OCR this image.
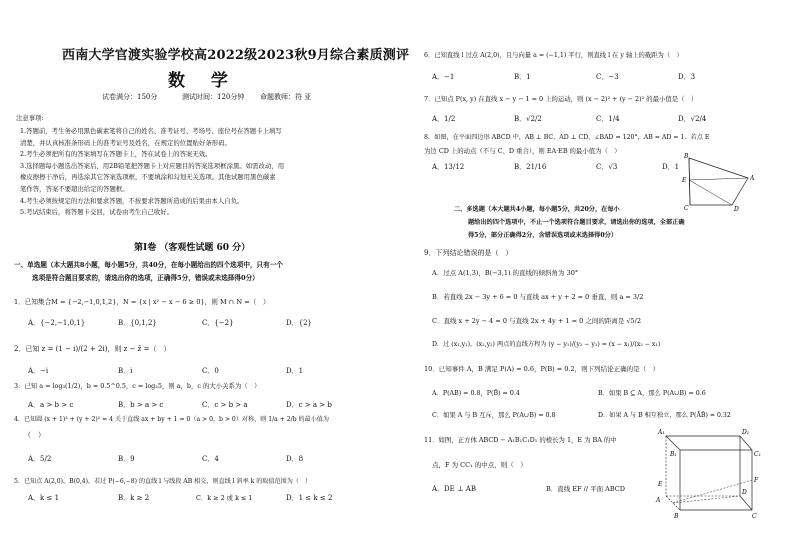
西南大学官渡实验学校高2022级2023秋9月综合素质测评
数 学
试卷满分：150分	测试时间：120分钟 命题教师：符 亚
注意事项:
1.答题前，考生务必用黑色碳素笔将自己的姓名、准考证号、考场号、座位号在答题卡上填写
清楚，并认真核准条形码上的准考证号及姓名，在规定的位置贴好条形码。
2.考生必须把所有的答案填写在答题卡上，答在试卷上的答案无效。
3.选择题每小题选出答案后，用2B铅笔把答题卡上对应题目的答案选项框涂黑。如需改动，用
橡皮擦擦干净后，再选涂其它答案选项框，不要填涂和勾划无关选项。其他试题用黑色碳素
笔作答，答案不要超出给定的答题框。
4.考生必须按规定的方法和要求答题，不按要求答题所造成的后果由本人自负。
5.考试结束后，将答题卡交回，试卷由考生自己收好。
第Ⅰ卷 （客观性试题 60 分）
一、单选题（本大题共8小题，每小题5分，共40分，在每小题给出的四个选项中，只有一个
选项是符合题目要求的，请选出你的选项，正确得5分，错误或未选择得0分）
1．已知集合M = {−2,−1,0,1,2}，N = {x | x² − x − 6 ≥ 0}，则 M ∩ N =（　）
A．{−2,−1,0,1}	B．{0,1,2}	C．{−2}	D．{2}
2．已知 z = (1 − i)/(2 + 2i)，则 z − z̄ =（　）
A．−i	B．i	C．0	D．1
3．已知 a = log₃(1/2)，b = 0.5^0.5，c = log₂5，则 a，b，c 的大小关系为（　）
A．a > b > c	B．b > a > c	C．c > b > a	D．c > a > b
4．已知圆 (x + 1)² + (y + 2)² = 4 关于直线 ax + by + 1 = 0（a > 0，b > 0）对称，则 1/a + 2/b 的最小值为
（　）
A．5/2	B．9	C．4	D．8
5．已知点 A(2,0)，B(0,4)，若过 P(−6,−8) 的直线 l 与线段 AB 相交，则直线 l 斜率 k 的取值范围为（　）
A．k ≤ 1	B．k ≥ 2	C．k ≥ 2 或 k ≤ 1	D．1 ≤ k ≤ 2
6．已知直线 l 过点 A(2,0)，且与向量 a = (−1,1) 平行，则直线 l 在 y 轴上的截距为（　）
A．−1	B．1	C．−3	D．3
7．已知点 P(x, y) 在直线 x − y − 1 = 0 上的运动，则 (x − 2)² + (y − 2)² 的最小值是（　）
A．1/2	B．√2/2	C．1/4	D．√2/4
8．如图，在平面四边形 ABCD 中，AB ⊥ BC，AD ⊥ CD，∠BAD = 120°，AB = AD = 1．若点 E
为边 CD 上的动点（不与 C、D 重合），则 EA·EB 的最小值为（　）
A．13/12	B．21/16	C．√3	D．1
B
C
E	A
D
二、多选题（本大题共4小题，每小题5分，共20分，在每小
题给出的四个选项中，不止一个选项符合题目要求，请选出你的选项，全部正确
得5分，部分正确得2分，含错误选项或未选择得0分）
9．下列结论错误的是（　）
A．过点 A(1,3)，B(−3,1) 的直线的倾斜角为 30°
B．若直线 2x − 3y + 6 = 0 与直线 ax + y + 2 = 0 垂直，则 a = 3/2
C．直线 x + 2y − 4 = 0 与直线 2x + 4y + 1 = 0 之间的距离是 √5/2
D．过 (x₁,y₁)，(x₂,y₂) 两点的直线方程为 (y − y₁)/(y₂ − y₁) = (x − x₁)/(x₂ − x₁)
10．已知事件 A，B 满足 P(A) = 0.6，P(B) = 0.2，则下列结论正确的是（　）
A．P(AB) = 0.8，P(B̄) = 0.4	B．如果 B ⊆ A，那么 P(A∪B) = 0.6
C．如果 A 与 B 互斥，那么 P(A∪B) = 0.8	D．如果 A 与 B 相互独立，那么 P(ĀB̄) = 0.32
11．如图，正方体 ABCD − A₁B₁C₁D₁ 的棱长为 1，E 为 BA 的中
点，F 为 CC₁ 的中点，则（　）
A．DE ⊥ AB	B．直线 EF // 平面 ABCD
A₁	D₁
B₁	C₁
E
F
A
D
B	C
